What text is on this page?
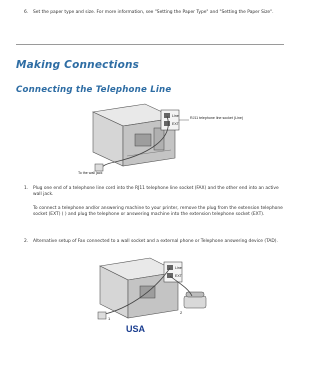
6. Set the paper type and size. For more information, see "Setting the Paper Type" and "Setting the Paper Size".
Making Connections
Connecting the Telephone Line
Line
EXT
RJ11 telephone line socket (Line)
To the wall jack
1. Plug one end of a telephone line cord into the RJ11 telephone line socket (FAX) and the other end into an active wall jack.
To connect a telephone and/or answering machine to your printer, remove the plug from the extension telephone socket (EXT) ( ) and plug the telephone or answering machine into the extension telephone socket (EXT).
2. Alternative setup of Fax connected to a wall socket and a external phone or Telephone answering device (TAD).
Line
EXT
1
2
USA
